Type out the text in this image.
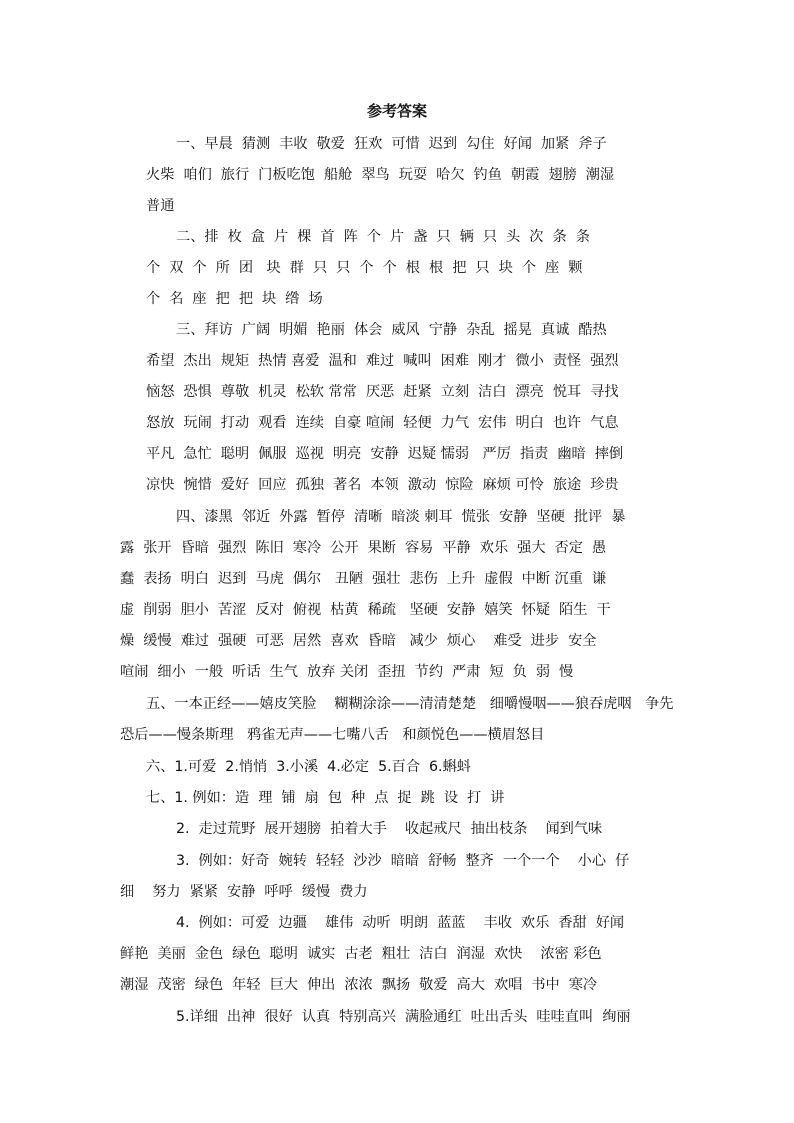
参考答案
一、早晨  猜测  丰收  敬爱  狂欢  可惜  迟到  勾住  好闻  加紧  斧子
火柴  咱们  旅行  门板吃饱  船舱  翠鸟  玩耍  哈欠  钓鱼  朝霞  翅膀  潮湿
普通
二、排  枚  盒  片  棵  首  阵  个  片  盏  只  辆  只  头  次  条  条
个  双  个  所  团   块  群  只  只  个  个  根  根  把  只  块  个  座  颗
个  名  座  把  把  块  绺  场
三、拜访  广阔  明媚  艳丽  体会  威风  宁静  杂乱  摇晃  真诚  酷热
希望  杰出  规矩  热情 喜爱  温和  难过  喊叫  困难  刚才  微小  责怪  强烈
恼怒  恐惧  尊敬  机灵  松软 常常  厌恶  赶紧  立刻  洁白  漂亮  悦耳  寻找
怒放  玩闹  打动  观看  连续  自豪 喧闹  轻便  力气  宏伟  明白  也许  气息
平凡  急忙  聪明  佩服  巡视  明亮  安静  迟疑 懦弱   严厉  指责  幽暗  摔倒
凉快  惋惜  爱好  回应  孤独  著名  本领  激动  惊险  麻烦 可怜  旅途  珍贵
四、漆黑  邻近  外露  暂停  清晰  暗淡 刺耳  慌张  安静  坚硬  批评  暴
露  张开  昏暗  强烈  陈旧  寒冷  公开  果断  容易  平静  欢乐  强大  否定  愚
蠢  表扬  明白  迟到  马虎  偶尔   丑陋  强壮  悲伤  上升  虚假  中断 沉重  谦
虚  削弱  胆小  苦涩  反对  俯视  枯黄  稀疏   坚硬  安静  嬉笑  怀疑  陌生  干
燥  缓慢  难过  强硬  可恶  居然  喜欢  昏暗   减少  烦心    难受  进步  安全
喧闹  细小  一般  听话  生气  放弃 关闭  歪扭  节约  严肃  短  负  弱  慢
五、一本正经——嬉皮笑脸    糊糊涂涂——清清楚楚   细嚼慢咽——狼吞虎咽   争先
恐后——慢条斯理   鸦雀无声——七嘴八舌   和颜悦色——横眉怒目
六、1.可爱  2.悄悄  3.小溪  4.必定  5.百合  6.蝌蚪
七、1. 例如：造  理  铺  扇  包  种  点  捉  跳  设  打  讲
2.  走过荒野  展开翅膀  拍着大手    收起戒尺  抽出枝条    闻到气味
3.  例如：好奇  婉转  轻轻  沙沙  暗暗  舒畅  整齐  一个一个    小心  仔
细    努力  紧紧  安静  呼呼  缓慢  费力
4.  例如：可爱  边疆    雄伟  动听  明朗  蓝蓝    丰收  欢乐  香甜  好闻
鲜艳  美丽  金色  绿色  聪明  诚实  古老  粗壮  洁白  润湿  欢快    浓密 彩色
潮湿  茂密  绿色  年轻  巨大  伸出  浓浓  飘扬  敬爱  高大  欢唱  书中  寒冷
5.详细  出神  很好  认真  特别高兴  满脸通红  吐出舌头  哇哇直叫  绚丽
